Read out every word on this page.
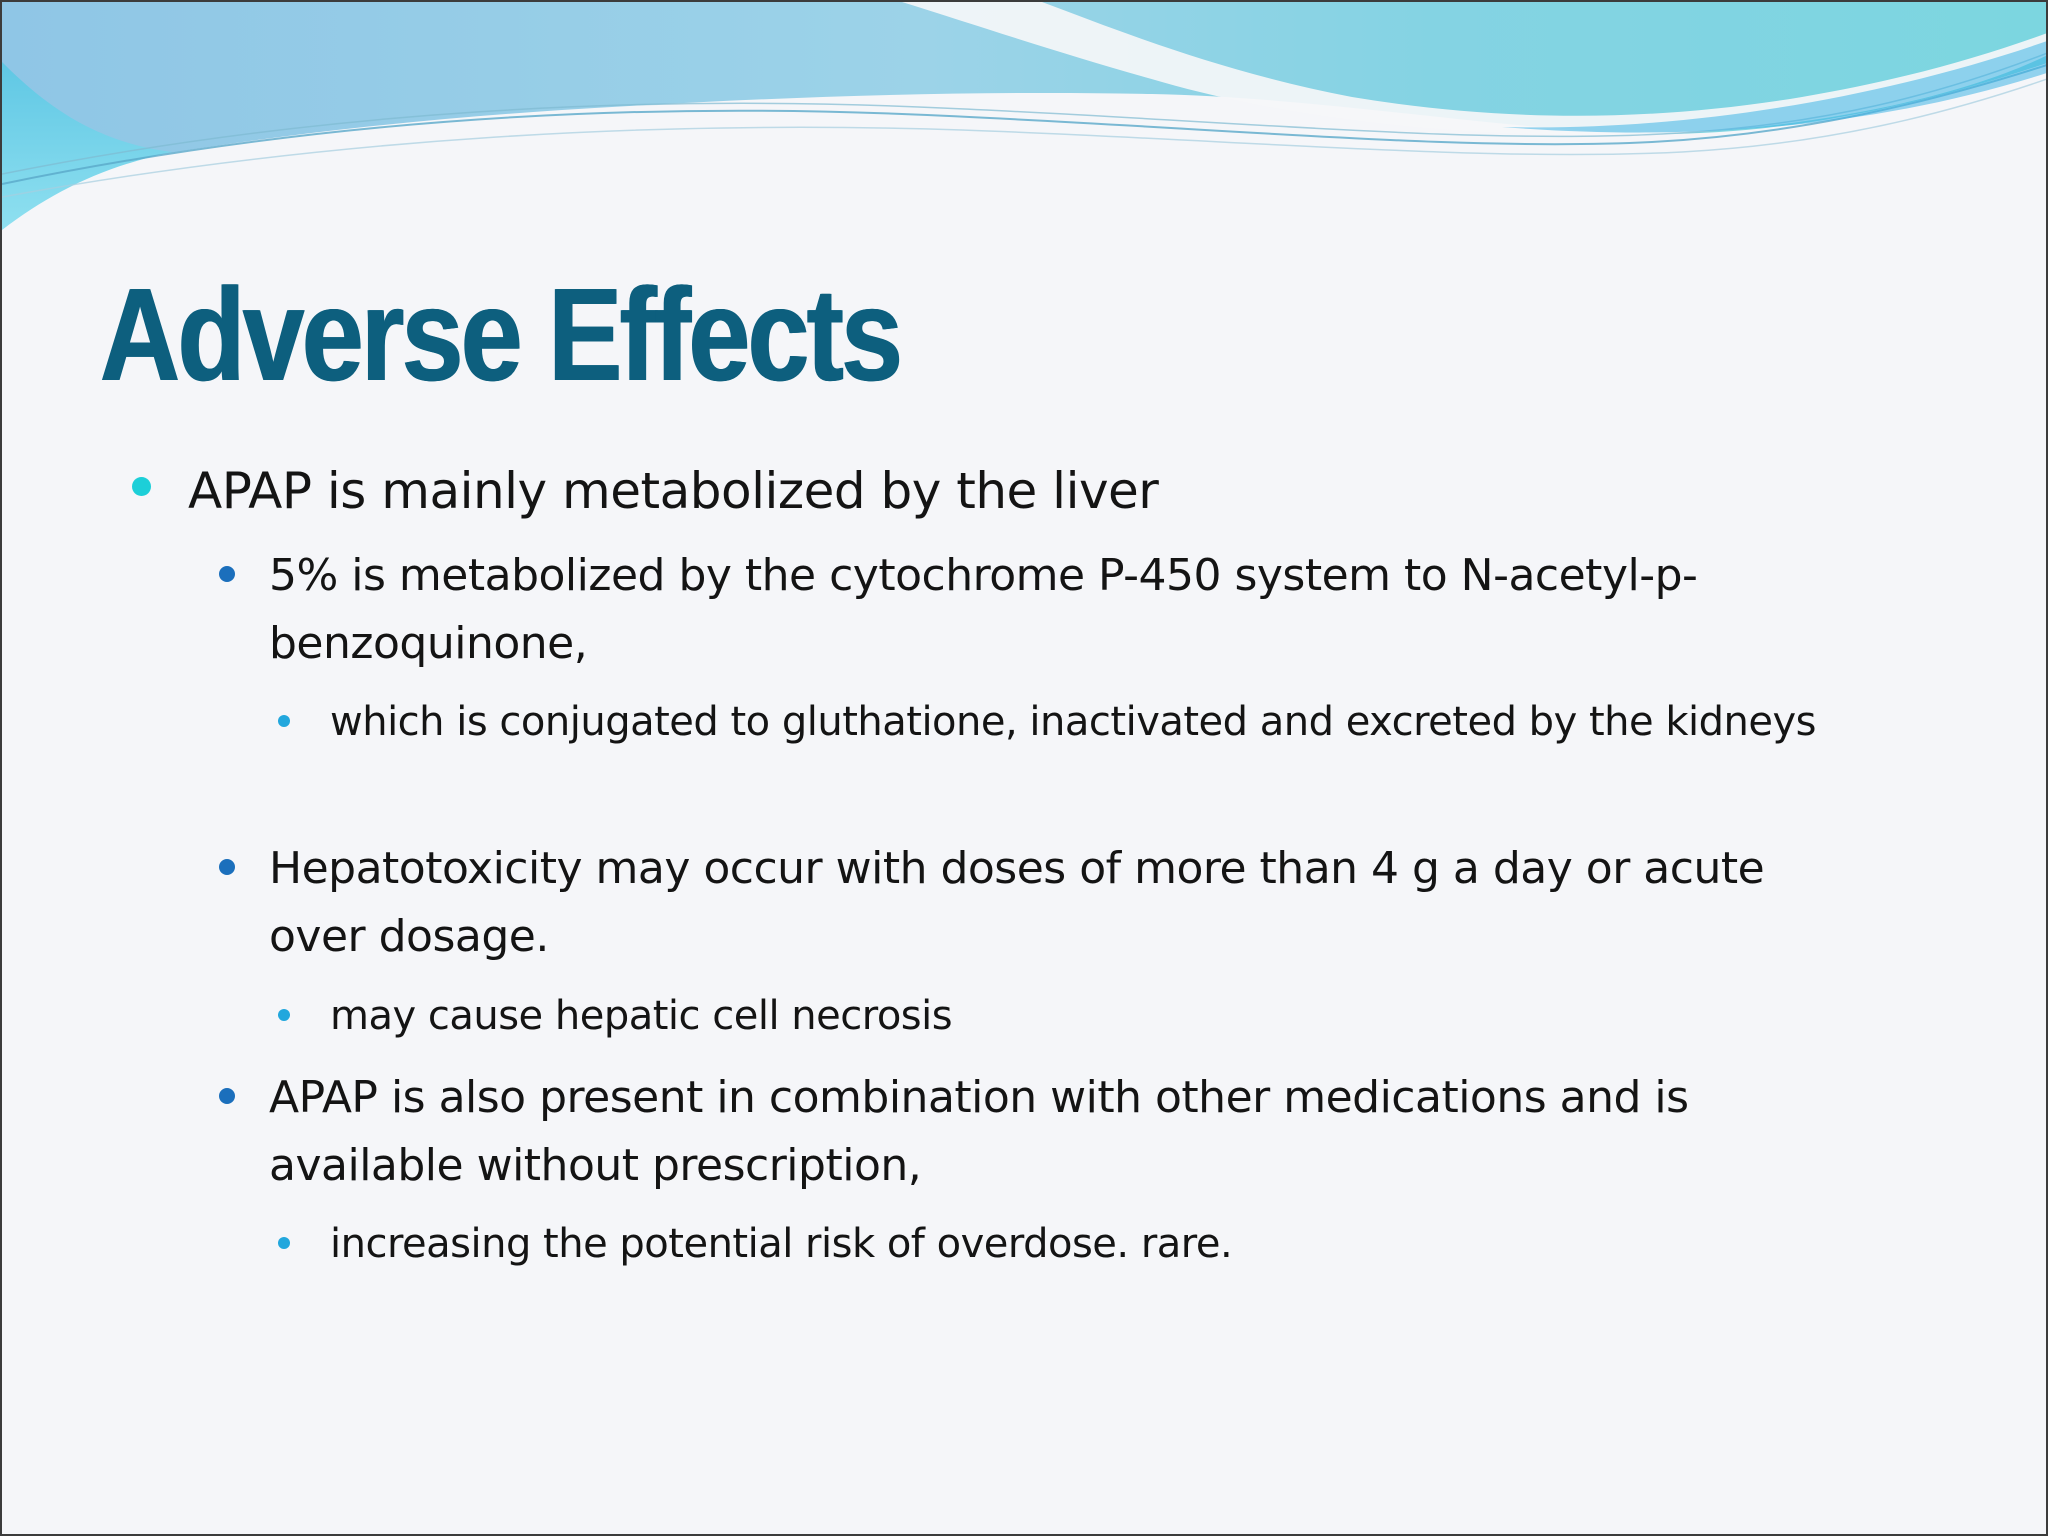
Adverse Effects
APAP is mainly metabolized by the liver
5% is metabolized by the cytochrome P-450 system to N-acetyl-p-benzoquinone,
which is conjugated to gluthatione, inactivated and excreted by the kidneys
Hepatotoxicity may occur with doses of more than 4 g a day or acute over dosage.
may cause hepatic cell necrosis
APAP is also present in combination with other medications and is available without prescription,
increasing the potential risk of overdose. rare.
